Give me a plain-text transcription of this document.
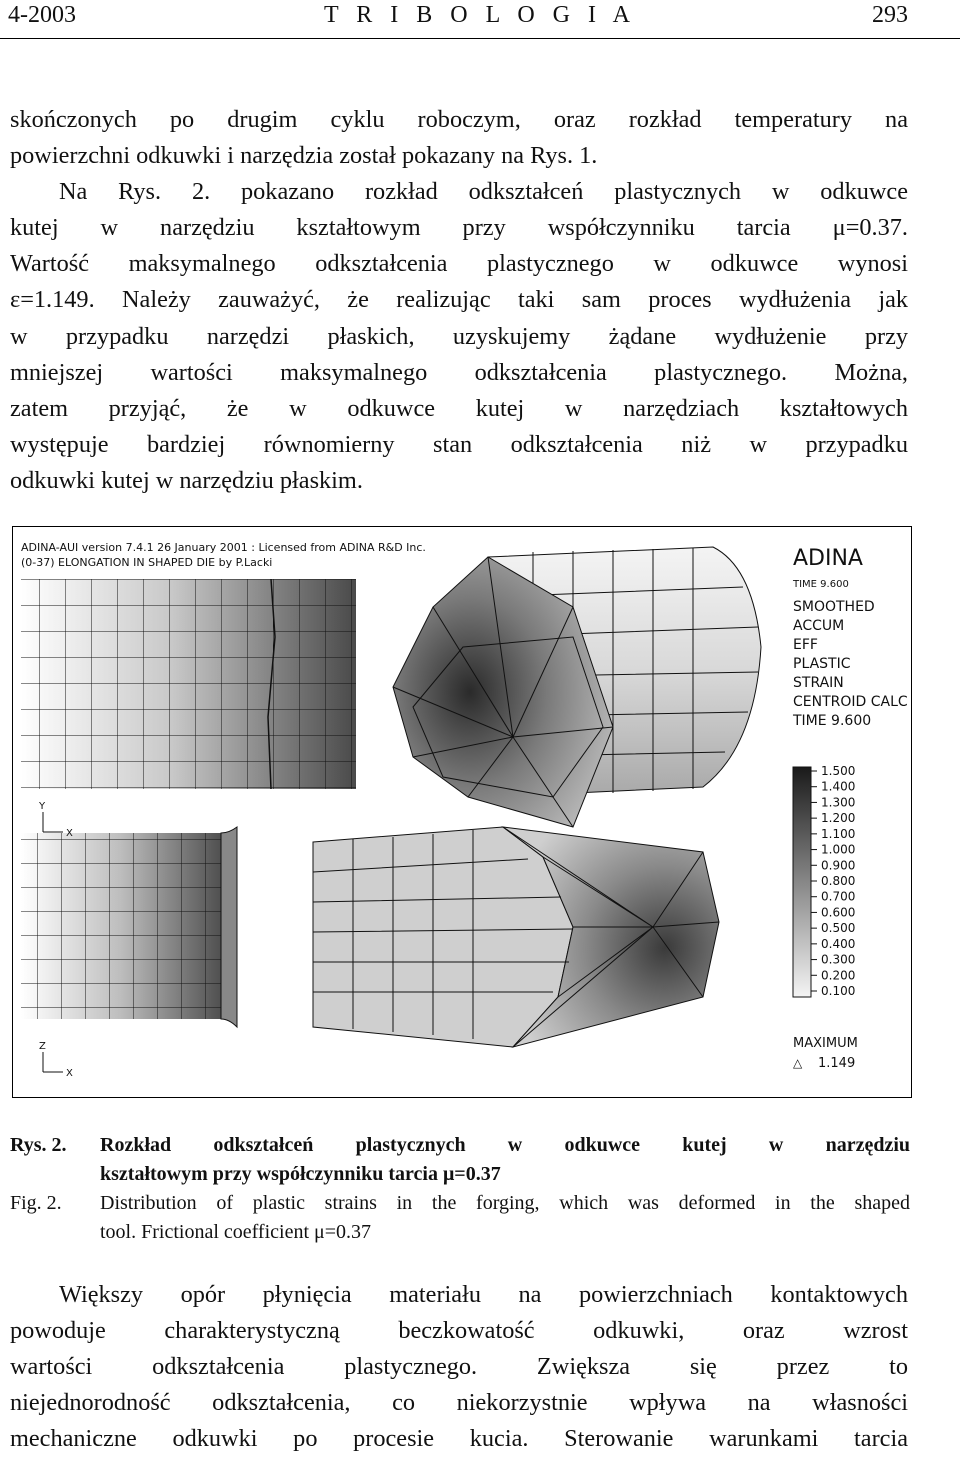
4-2003	T R I B O L O G I A	293
skończonych po drugim cyklu roboczym, oraz rozkład temperatury na
powierzchni odkuwki i narzędzia został pokazany na Rys. 1.
Na Rys. 2. pokazano rozkład odkształceń plastycznych w odkuwce
kutej w narzędziu kształtowym przy współczynniku tarcia μ=0.37.
Wartość maksymalnego odkształcenia plastycznego w odkuwce wynosi
ε=1.149. Należy zauważyć, że realizując taki sam proces wydłużenia jak
w przypadku narzędzi płaskich, uzyskujemy żądane wydłużenie przy
mniejszej wartości maksymalnego odkształcenia plastycznego. Można,
zatem przyjąć, że w odkuwce kutej w narzędziach kształtowych
występuje bardziej równomierny stan odkształcenia niż w przypadku
odkuwki kutej w narzędziu płaskim.
ADINA-AUI version 7.4.1 26 January 2001 : Licensed from ADINA R&D Inc.
(0-37) ELONGATION IN SHAPED DIE by P.Lacki
Y
X
Z
X
ADINA
TIME 9.600
SMOOTHED
ACCUM
EFF
PLASTIC
STRAIN
CENTROID CALC
TIME 9.600
1.500
1.400
1.300
1.200
1.100
1.000
0.900
0.800
0.700
0.600
0.500
0.400
0.300
0.200
0.100
MAXIMUM
△ 1.149
Rys. 2.	Rozkład odkształceń plastycznych w odkuwce kutej w narzędziu
kształtowym przy współczynniku tarcia μ=0.37
Fig. 2.	Distribution of plastic strains in the forging, which was deformed in the shaped
tool. Frictional coefficient μ=0.37
Większy opór płynięcia materiału na powierzchniach kontaktowych
powoduje charakterystyczną beczkowatość odkuwki, oraz wzrost
wartości odkształcenia plastycznego. Zwiększa się przez to
niejednorodność odkształcenia, co niekorzystnie wpływa na własności
mechaniczne odkuwki po procesie kucia. Sterowanie warunkami tarcia
